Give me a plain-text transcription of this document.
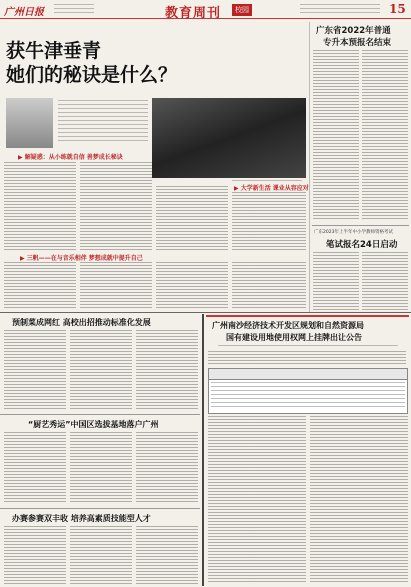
广州日报	教育周刊	校园	15
获牛津垂青
她们的秘诀是什么？
▶ 解疑惑：从小练就自信 善梦成长秘诀
▶ 大学新生活 课业从容应对
▶ 三帆——在与音乐相伴 梦想成就中提升自己
广东省2022年普通
专升本预报名结束
广东2023年上半年中小学教师资格考试
笔试报名24日启动
预制菜成网红 高校出招推动标准化发展
“厨艺秀运”中国区选拔基地落户广州
办赛参赛双丰收 培养高素质技能型人才
广州南沙经济技术开发区规划和自然资源局
国有建设用地使用权网上挂牌出让公告
